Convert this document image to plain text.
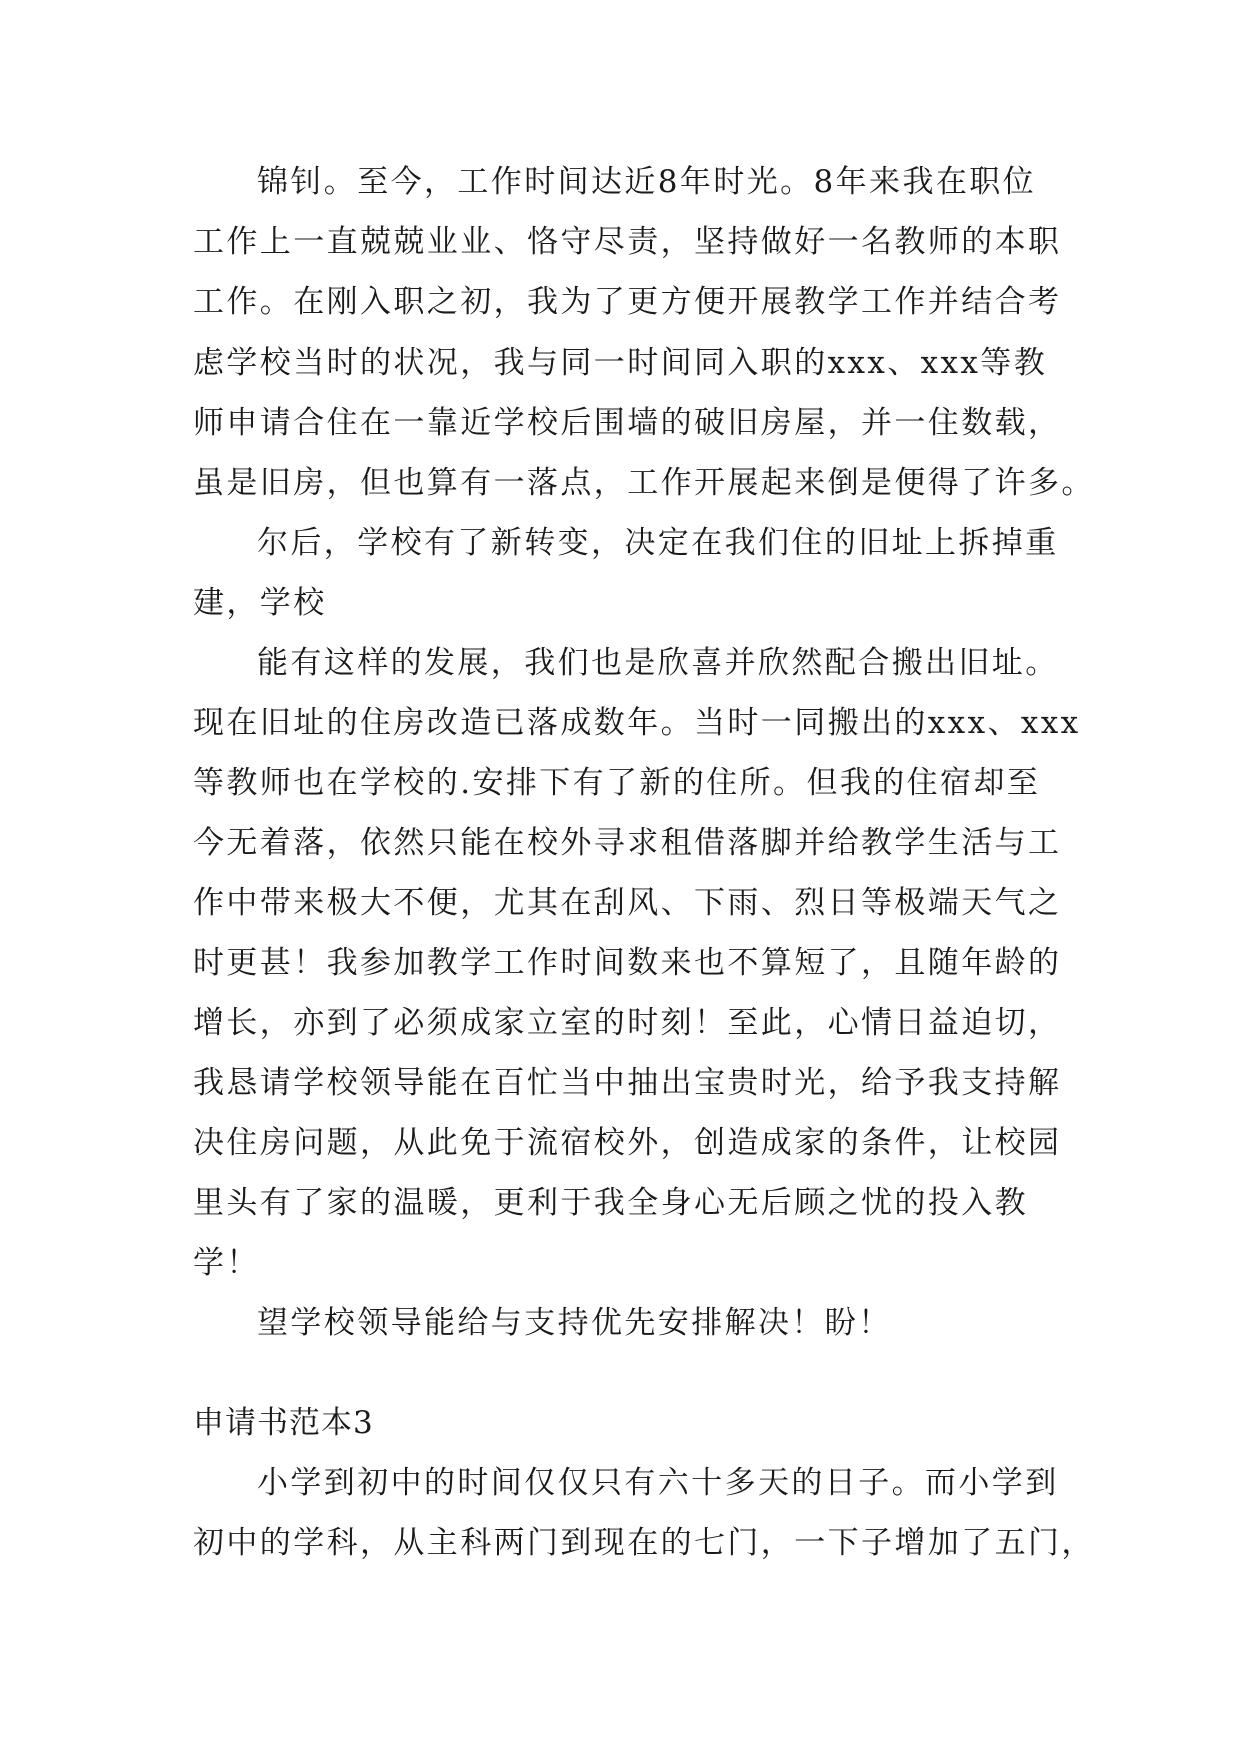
锦钊。至今，工作时间达近8年时光。8年来我在职位
工作上一直兢兢业业、恪守尽责，坚持做好一名教师的本职
工作。在刚入职之初，我为了更方便开展教学工作并结合考
虑学校当时的状况，我与同一时间同入职的xxx、xxx等教
师申请合住在一靠近学校后围墙的破旧房屋，并一住数载，
虽是旧房，但也算有一落点，工作开展起来倒是便得了许多。
尔后，学校有了新转变，决定在我们住的旧址上拆掉重
建，学校
能有这样的发展，我们也是欣喜并欣然配合搬出旧址。
现在旧址的住房改造已落成数年。当时一同搬出的xxx、xxx
等教师也在学校的.安排下有了新的住所。但我的住宿却至
今无着落，依然只能在校外寻求租借落脚并给教学生活与工
作中带来极大不便，尤其在刮风、下雨、烈日等极端天气之
时更甚！我参加教学工作时间数来也不算短了，且随年龄的
增长，亦到了必须成家立室的时刻！至此，心情日益迫切，
我恳请学校领导能在百忙当中抽出宝贵时光，给予我支持解
决住房问题，从此免于流宿校外，创造成家的条件，让校园
里头有了家的温暖，更利于我全身心无后顾之忧的投入教
学！
望学校领导能给与支持优先安排解决！盼！
申请书范本3
小学到初中的时间仅仅只有六十多天的日子。而小学到
初中的学科，从主科两门到现在的七门，一下子增加了五门，
